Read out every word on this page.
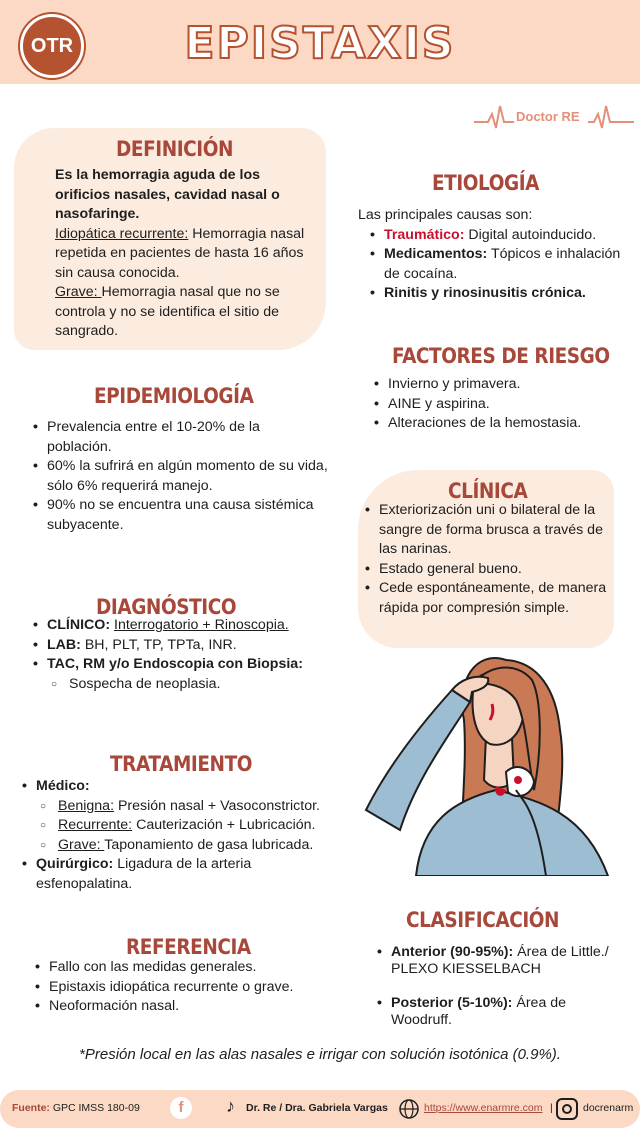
OTR	EPISTAXIS
Doctor RE
DEFINICIÓN
Es la hemorragia aguda de los orificios nasales, cavidad nasal o nasofaringe.
Idiopática recurrente: Hemorragia nasal repetida en pacientes de hasta 16 años sin causa conocida.
Grave: Hemorragia nasal que no se controla y no se identifica el sitio de sangrado.
ETIOLOGÍA
Las principales causas son:
• Traumático: Digital autoinducido.
• Medicamentos: Tópicos e inhalación de cocaína.
• Rinitis y rinosinusitis crónica.
FACTORES DE RIESGO
• Invierno y primavera.
• AINE y aspirina.
• Alteraciones de la hemostasia.
EPIDEMIOLOGÍA
• Prevalencia entre el 10-20% de la población.
• 60% la sufrirá en algún momento de su vida, sólo 6% requerirá manejo.
• 90% no se encuentra una causa sistémica subyacente.
CLÍNICA
• Exteriorización uni o bilateral de la sangre de forma brusca a través de las narinas.
• Estado general bueno.
• Cede espontáneamente, de manera rápida por compresión simple.
DIAGNÓSTICO
• CLÍNICO: Interrogatorio + Rinoscopia.
• LAB: BH, PLT, TP, TPTa, INR.
• TAC, RM y/o Endoscopia con Biopsia:
○ Sospecha de neoplasia.
TRATAMIENTO
• Médico:
○ Benigna: Presión nasal + Vasoconstrictor.
○ Recurrente: Cauterización + Lubricación.
○ Grave: Taponamiento de gasa lubricada.
• Quirúrgico: Ligadura de la arteria esfenopalatina.
CLASIFICACIÓN
• Anterior (90-95%): Área de Little./ PLEXO KIESSELBACH
• Posterior (5-10%): Área de Woodruff.
REFERENCIA
• Fallo con las medidas generales.
• Epistaxis idiopática recurrente o grave.
• Neoformación nasal.
*Presión local en las alas nasales e irrigar con solución isotónica (0.9%).
Fuente: GPC IMSS 180-09	f	♪ Dr. Re / Dra. Gabriela Vargas	https://www.enarmre.com |	docrenarm
